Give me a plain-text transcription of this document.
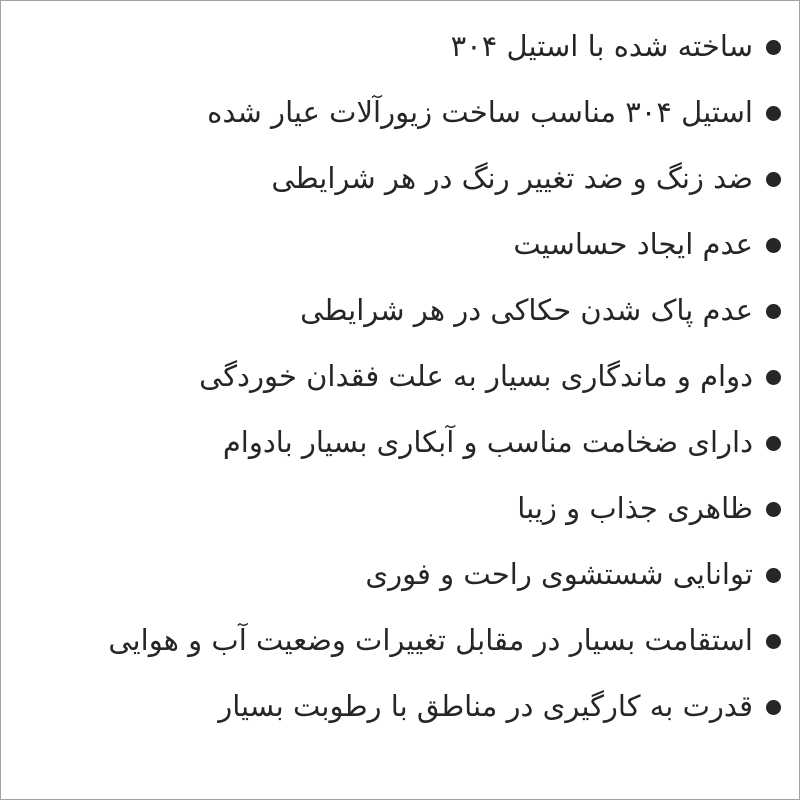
ساخته شده با استیل ۳۰۴
استیل ۳۰۴ مناسب ساخت زیورآلات عیار شده
ضد زنگ و ضد تغییر رنگ در هر شرایطی
عدم ایجاد حساسیت
عدم پاک شدن حکاکی در هر شرایطی
دوام و ماندگاری بسیار به علت فقدان خوردگی
دارای ضخامت مناسب و آبکاری بسیار بادوام
ظاهری جذاب و زیبا
توانایی شستشوی راحت و فوری
استقامت بسیار در مقابل تغییرات وضعیت آب و هوایی
قدرت به کارگیری در مناطق با رطوبت بسیار
